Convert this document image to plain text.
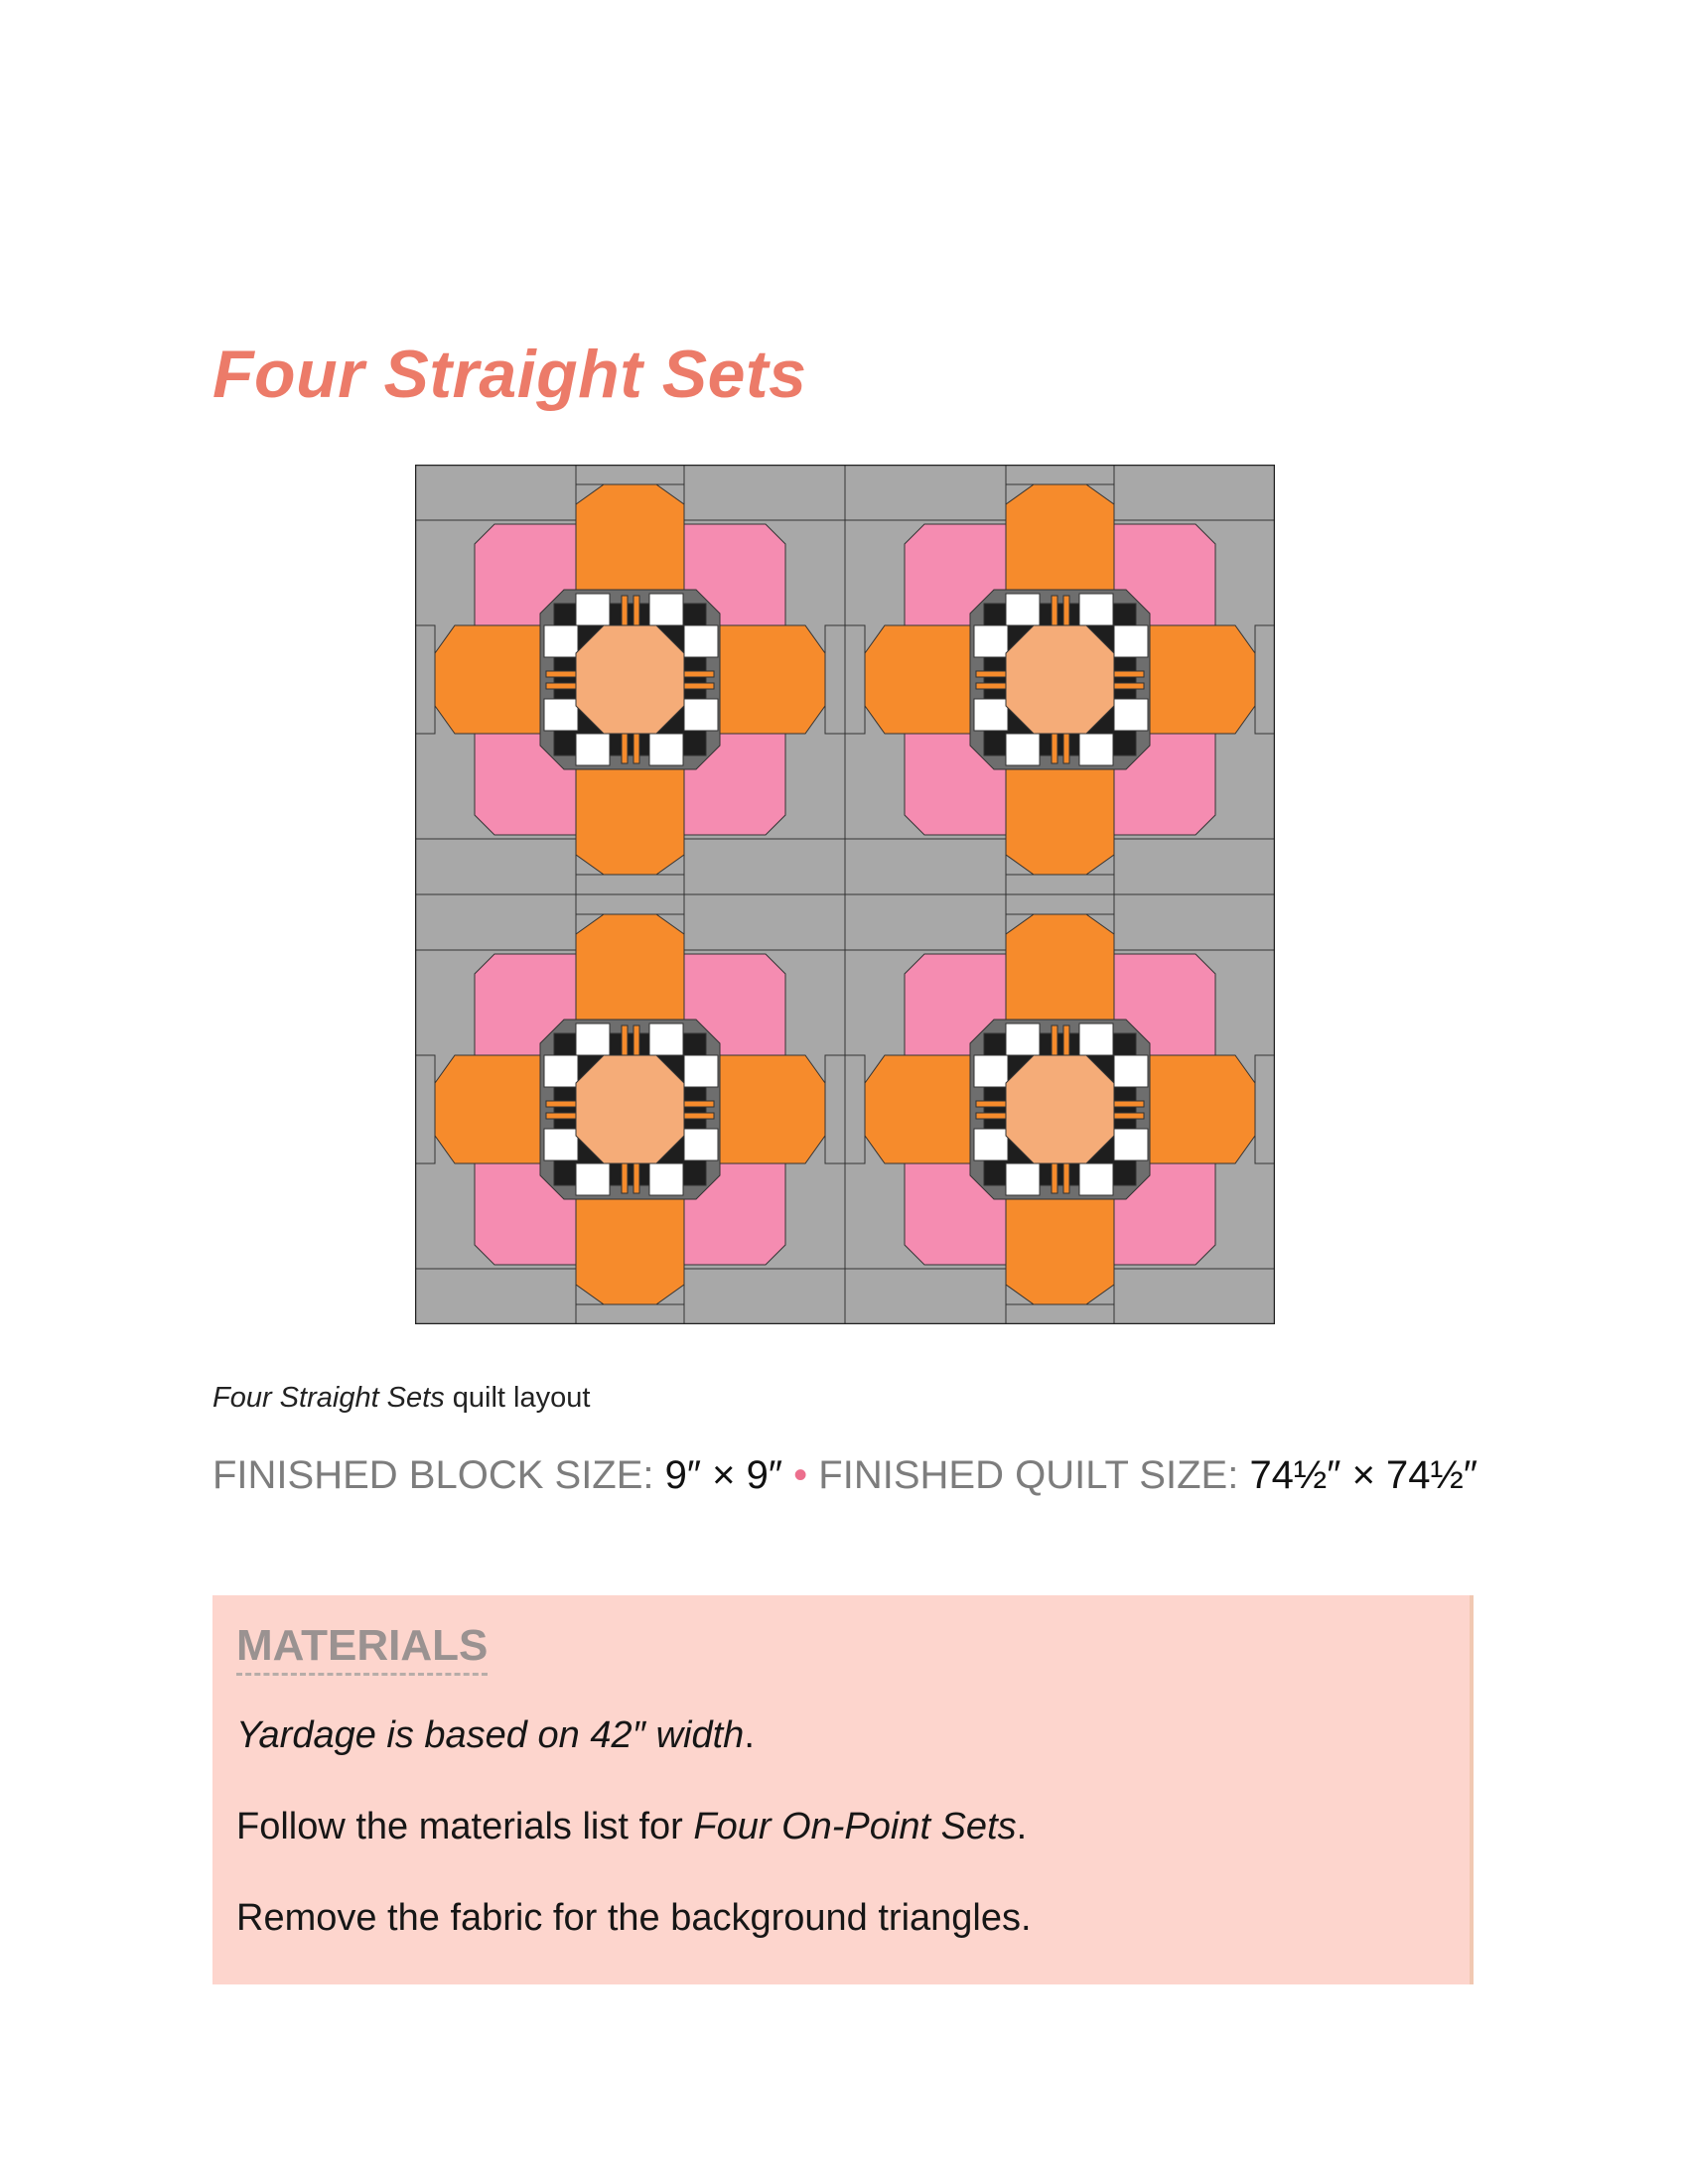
Four Straight Sets
Four Straight Sets quilt layout
FINISHED BLOCK SIZE: 9″ × 9″ • FINISHED QUILT SIZE: 74½″ × 74½″
MATERIALS
Yardage is based on 42″ width.
Follow the materials list for Four On-Point Sets.
Remove the fabric for the background triangles.
